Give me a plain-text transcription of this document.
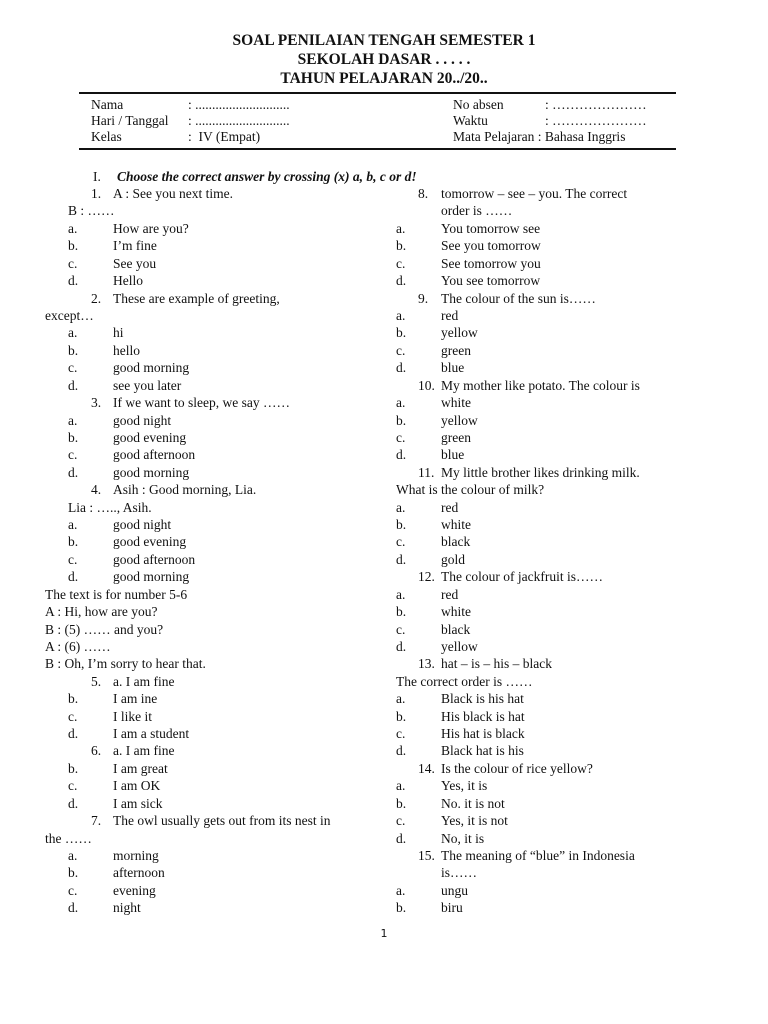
SOAL PENILAIAN TENGAH SEMESTER 1
SEKOLAH DASAR . . . . .
TAHUN PELAJARAN 20../20..
Nama	: ............................
Hari / Tanggal : ............................
Kelas	:  IV (Empat)
No absen	: …………………
Waktu	: …………………
Mata Pelajaran : Bahasa Inggris
I. Choose the correct answer by crossing (x) a, b, c or d!
1. A : See you next time.
B : ……
a.	How are you?
b.	I’m fine
c.	See you
d.	Hello
2. These are example of greeting,
except…
a.	hi
b.	hello
c.	good morning
d.	see you later
3. If we want to sleep, we say ……
a.	good night
b.	good evening
c.	good afternoon
d.	good morning
4. Asih : Good morning, Lia.
Lia : ….., Asih.
a.	good night
b.	good evening
c.	good afternoon
d.	good morning
The text is for number 5-6
A : Hi, how are you?
B : (5) …… and you?
A : (6) ……
B : Oh, I’m sorry to hear that.
5. a. I am fine
b.	I am ine
c.	I like it
d.	I am a student
6. a. I am fine
b.	I am great
c.	I am OK
d.	I am sick
7. The owl usually gets out from its nest in
the ……
a.	morning
b.	afternoon
c.	evening
d.	night
8. tomorrow – see – you. The correct
order is ……
a.	You tomorrow see
b.	See you tomorrow
c.	See tomorrow you
d.	You see tomorrow
9. The colour of the sun is……
a.	red
b.	yellow
c.	green
d.	blue
10. My mother like potato. The colour is
a.	white
b.	yellow
c.	green
d.	blue
11. My little brother likes drinking milk.
What is the colour of milk?
a.	red
b.	white
c.	black
d.	gold
12. The colour of jackfruit is……
a.	red
b.	white
c.	black
d.	yellow
13. hat – is – his – black
The correct order is ……
a.	Black is his hat
b.	His black is hat
c.	His hat is black
d.	Black hat is his
14. Is the colour of rice yellow?
a.	Yes, it is
b.	No. it is not
c.	Yes, it is not
d.	No, it is
15. The meaning of “blue” in Indonesia
is……
a.	ungu
b.	biru
1
